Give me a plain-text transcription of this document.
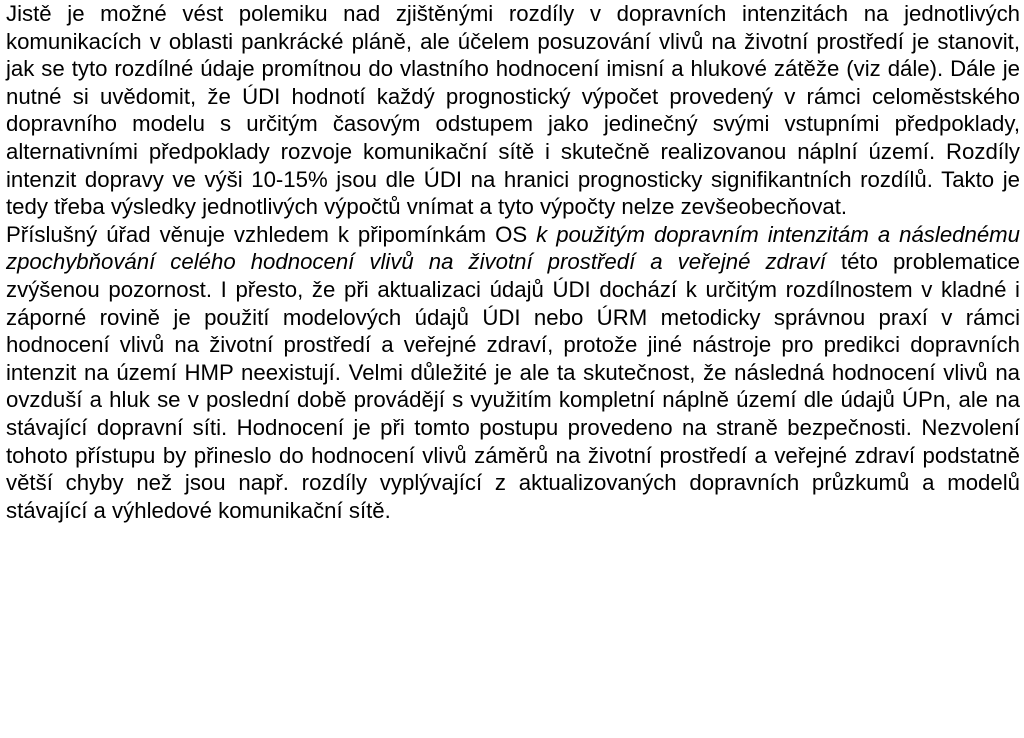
Jistě je možné vést polemiku nad zjištěnými rozdíly v dopravních intenzitách na jednotlivých komunikacích v oblasti pankrácké pláně, ale účelem posuzování vlivů na životní prostředí je stanovit, jak se tyto rozdílné údaje promítnou do vlastního hodnocení imisní a hlukové zátěže (viz dále). Dále je nutné si uvědomit, že ÚDI hodnotí každý prognostický výpočet provedený v rámci celoměstského dopravního modelu s určitým časovým odstupem jako jedinečný svými vstupními předpoklady, alternativními předpoklady rozvoje komunikační sítě i skutečně realizovanou náplní území. Rozdíly intenzit dopravy ve výši 10-15% jsou dle ÚDI na hranici prognosticky signifikantních rozdílů. Takto je tedy třeba výsledky jednotlivých výpočtů vnímat a tyto výpočty nelze zevšeobecňovat.

Příslušný úřad věnuje vzhledem k připomínkám OS k použitým dopravním intenzitám a následnému zpochybňování celého hodnocení vlivů na životní prostředí a veřejné zdraví této problematice zvýšenou pozornost. I přesto, že při aktualizaci údajů ÚDI dochází k určitým rozdílnostem v kladné i záporné rovině je použití modelových údajů ÚDI nebo ÚRM metodicky správnou praxí v rámci hodnocení vlivů na životní prostředí a veřejné zdraví, protože jiné nástroje pro predikci dopravních intenzit na území HMP neexistují. Velmi důležité je ale ta skutečnost, že následná hodnocení vlivů na ovzduší a hluk se v poslední době provádějí s využitím kompletní náplně území dle údajů ÚPn, ale na stávající dopravní síti. Hodnocení je při tomto postupu provedeno na straně bezpečnosti. Nezvolení tohoto přístupu by přineslo do hodnocení vlivů záměrů na životní prostředí a veřejné zdraví podstatně větší chyby než jsou např. rozdíly vyplývající z aktualizovaných dopravních průzkumů a modelů stávající a výhledové komunikační sítě.
